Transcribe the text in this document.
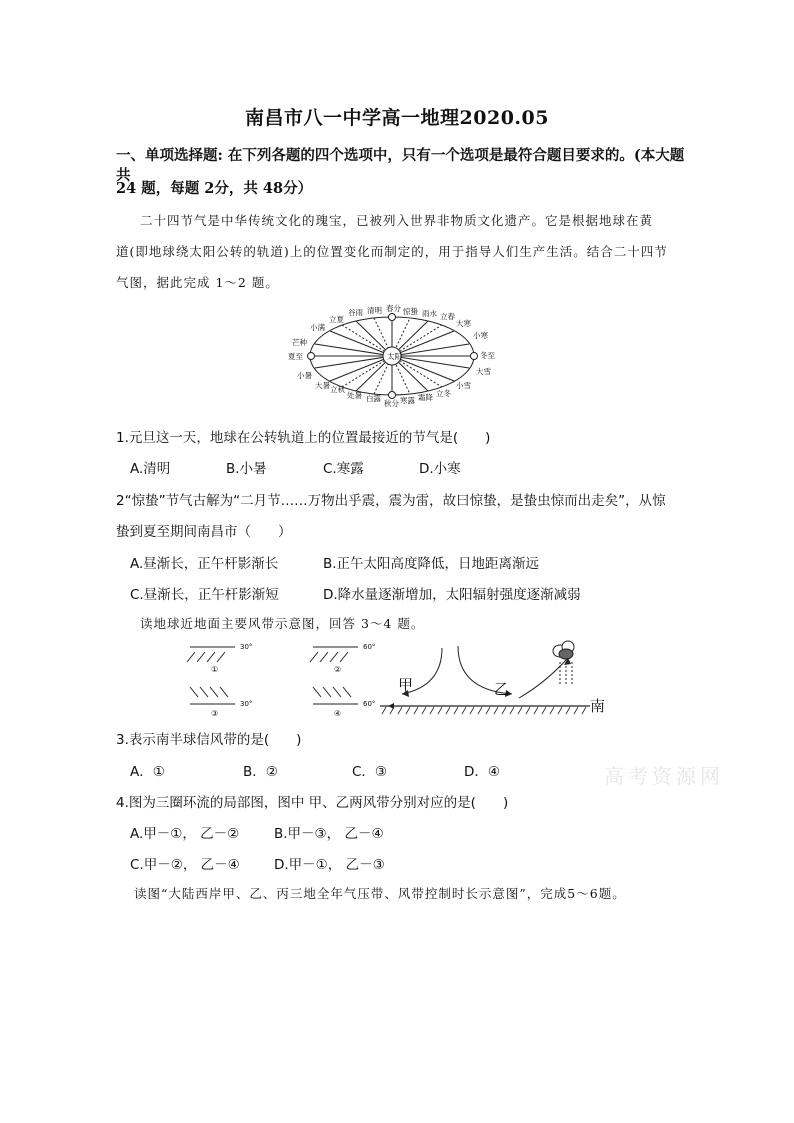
南昌市八一中学高一地理2020.05
一、单项选择题: 在下列各题的四个选项中，只有一个选项是最符合题目要求的。(本大题共
24 题，每题 2分，共 48分）
二十四节气是中华传统文化的瑰宝，已被列入世界非物质文化遗产。它是根据地球在黄
道(即地球绕太阳公转的轨道)上的位置变化而制定的，用于指导人们生产生活。结合二十四节
气图，据此完成 1～2 题。
太阳
春分 惊蛰 雨水 立春
大寒
小寒
冬至
大雪
小雪
立冬
霜降
寒露
秋分
白露
处暑
立秋
大暑
小暑
夏至
芒种
小满
立夏
谷雨 清明
1.元旦这一天，地球在公转轨道上的位置最接近的节气是(　　)
A.清明	B.小暑	C.寒露	D.小寒
2“惊蛰”节气古解为“二月节……万物出乎震，震为雷，故曰惊蛰，是蛰虫惊而出走矣”，从惊
蛰到夏至期间南昌市（　　）
A.昼渐长，正午杆影渐长	B.正午太阳高度降低，日地距离渐远
C.昼渐长，正午杆影渐短	D.降水量逐渐增加，太阳辐射强度逐渐减弱
读地球近地面主要风带示意图，回答 3～4 题。
30°	60°
30°	60°
①	②
③	④
甲	乙
南
3.表示南半球信风带的是(　　)
A．①	B．②	C．③	D．④	高考资源网
4.图为三圈环流的局部图，图中 甲、乙两风带分别对应的是(　　)
A.甲－①， 乙－②	B.甲－③， 乙－④
C.甲－②， 乙－④	D.甲－①， 乙－③
读图“大陆西岸甲、乙、丙三地全年气压带、风带控制时长示意图”，完成5～6题。
